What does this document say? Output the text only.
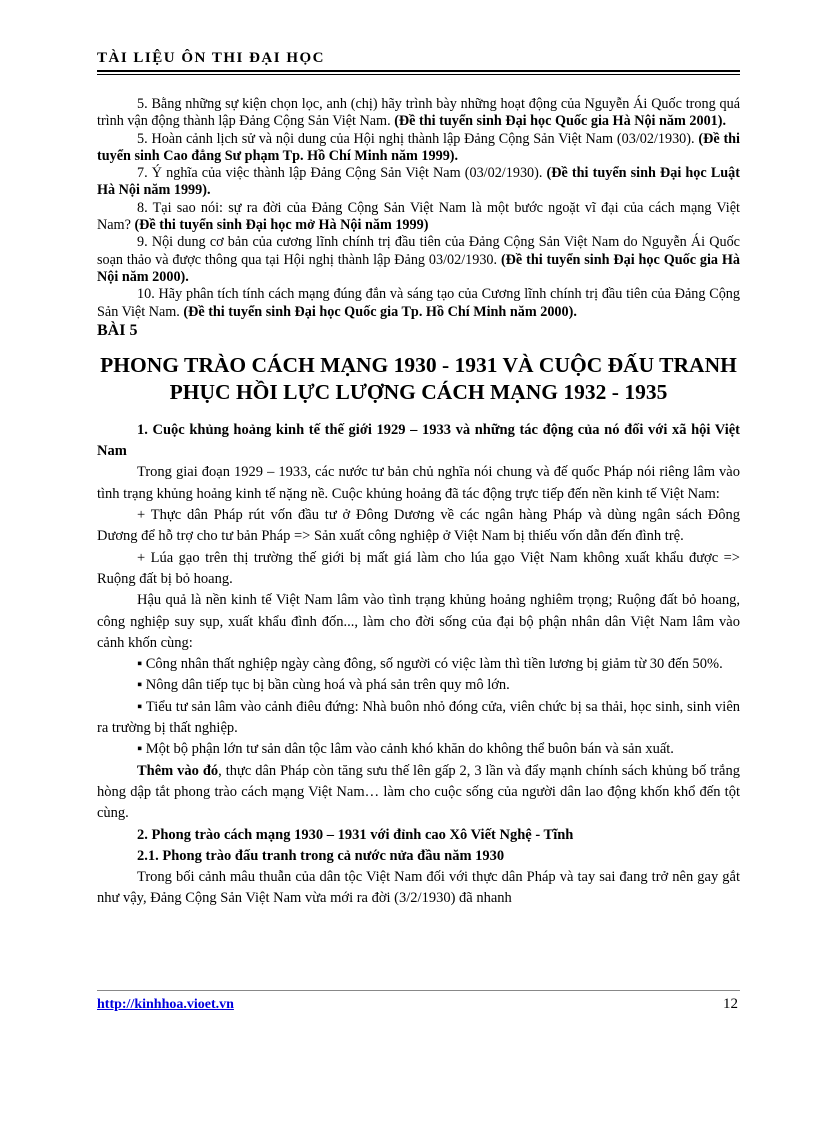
TÀI LIỆU ÔN THI ĐẠI HỌC

5. Bằng những sự kiện chọn lọc, anh (chị) hãy trình bày những hoạt động của Nguyễn Ái Quốc trong quá trình vận động thành lập Đảng Cộng Sản Việt Nam. (Đề thi tuyển sinh Đại học Quốc gia Hà Nội năm 2001).

5. Hoàn cảnh lịch sử và nội dung của Hội nghị thành lập Đảng Cộng Sản Việt Nam (03/02/1930). (Đề thi tuyển sinh Cao đẳng Sư phạm Tp. Hồ Chí Minh năm 1999).

7. Ý nghĩa của việc thành lập Đảng Cộng Sản Việt Nam (03/02/1930). (Đề thi tuyển sinh Đại học Luật Hà Nội năm 1999).

8. Tại sao nói: sự ra đời của Đảng Cộng Sản Việt Nam là một bước ngoặt vĩ đại của cách mạng Việt Nam? (Đề thi tuyển sinh Đại học mở Hà Nội năm 1999)

9. Nội dung cơ bản của cương lĩnh chính trị đầu tiên của Đảng Cộng Sản Việt Nam do Nguyễn Ái Quốc soạn thảo và được thông qua tại Hội nghị thành lập Đảng 03/02/1930. (Đề thi tuyển sinh Đại học Quốc gia Hà Nội năm 2000).

10. Hãy phân tích tính cách mạng đúng đắn và sáng tạo của Cương lĩnh chính trị đầu tiên của Đảng Cộng Sản Việt Nam. (Đề thi tuyển sinh Đại học Quốc gia Tp. Hồ Chí Minh năm 2000).

BÀI 5
PHONG TRÀO CÁCH MẠNG 1930 - 1931 VÀ CUỘC ĐẤU TRANH PHỤC HỒI LỰC LƯỢNG CÁCH MẠNG 1932 - 1935

1. Cuộc khủng hoảng kinh tế thế giới 1929 – 1933 và những tác động của nó đối với xã hội Việt Nam

Trong giai đoạn 1929 – 1933, các nước tư bản chủ nghĩa nói chung và đế quốc Pháp nói riêng lâm vào tình trạng khủng hoảng kinh tế nặng nề. Cuộc khủng hoảng đã tác động trực tiếp đến nền kinh tế Việt Nam:

+ Thực dân Pháp rút vốn đầu tư ở Đông Dương về các ngân hàng Pháp và dùng ngân sách Đông Dương để hỗ trợ cho tư bản Pháp => Sản xuất công nghiệp ở Việt Nam bị thiếu vốn dẫn đến đình trệ.

+ Lúa gạo trên thị trường thế giới bị mất giá làm cho lúa gạo Việt Nam không xuất khẩu được => Ruộng đất bị bỏ hoang.

Hậu quả là nền kinh tế Việt Nam lâm vào tình trạng khủng hoảng nghiêm trọng; Ruộng đất bỏ hoang, công nghiệp suy sụp, xuất khẩu đình đốn..., làm cho đời sống của đại bộ phận nhân dân Việt Nam lâm vào cảnh khốn cùng:

▪ Công nhân thất nghiệp ngày càng đông, số người có việc làm thì tiền lương bị giảm từ 30 đến 50%.

▪ Nông dân tiếp tục bị bần cùng hoá và phá sản trên quy mô lớn.

▪ Tiểu tư sản lâm vào cảnh điêu đứng: Nhà buôn nhỏ đóng cửa, viên chức bị sa thải, học sinh, sinh viên ra trường bị thất nghiệp.

▪ Một bộ phận lớn tư sản dân tộc lâm vào cảnh khó khăn do không thể buôn bán và sản xuất.

Thêm vào đó, thực dân Pháp còn tăng sưu thế lên gấp 2, 3 lần và đẩy mạnh chính sách khủng bố trắng hòng dập tắt phong trào cách mạng Việt Nam… làm cho cuộc sống của người dân lao động khốn khổ đến tột cùng.

2. Phong trào cách mạng 1930 – 1931 với đỉnh cao Xô Viết Nghệ - Tĩnh

2.1. Phong trào đấu tranh trong cả nước nửa đầu năm 1930

Trong bối cảnh mâu thuẫn của dân tộc Việt Nam đối với thực dân Pháp và tay sai đang trở nên gay gắt như vậy, Đảng Cộng Sản Việt Nam vừa mới ra đời (3/2/1930) đã nhanh

http://kinhhoa.vioet.vn	12
